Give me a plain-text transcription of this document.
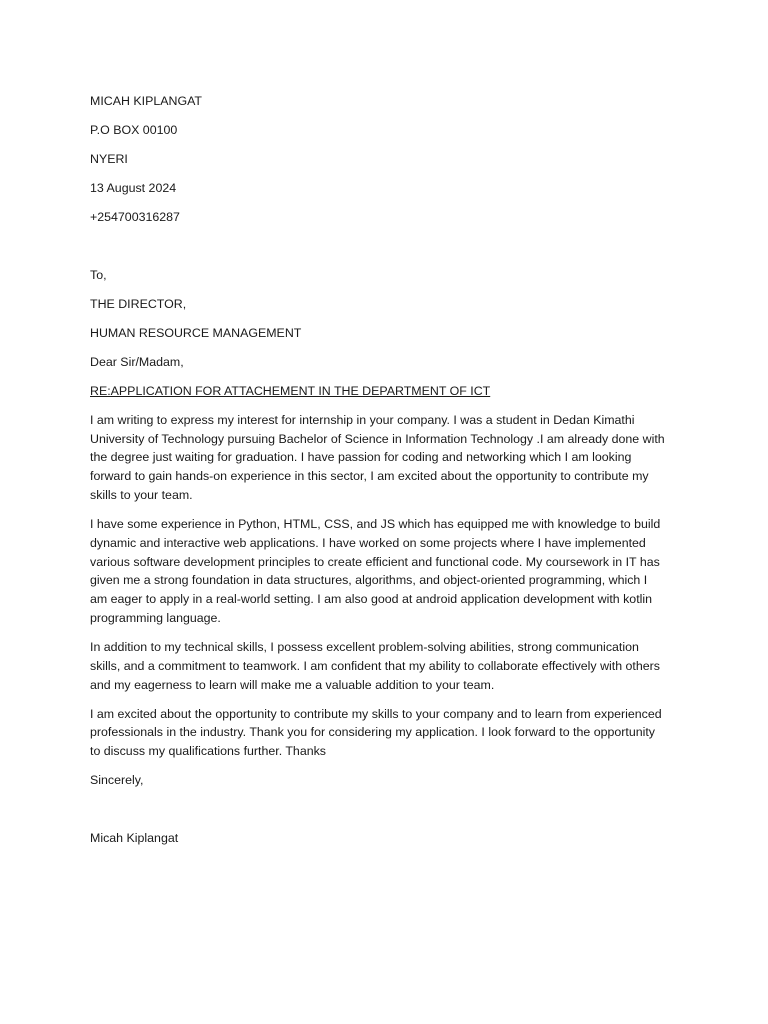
MICAH KIPLANGAT
P.O BOX 00100
NYERI
13 August 2024
+254700316287
To,
THE DIRECTOR,
HUMAN RESOURCE MANAGEMENT
Dear Sir/Madam,
RE:APPLICATION FOR ATTACHEMENT IN THE DEPARTMENT OF ICT

I am writing to express my interest for internship in your company. I was a student in Dedan Kimathi University of Technology pursuing Bachelor of Science in Information Technology .I am already done with the degree just waiting for graduation. I have passion for coding and networking which I am looking forward to gain hands-on experience in this sector, I am excited about the opportunity to contribute my skills to your team.

I have some experience in Python, HTML, CSS, and JS which has equipped me with knowledge to build dynamic and interactive web applications. I have worked on some projects where I have implemented various software development principles to create efficient and functional code. My coursework in IT has given me a strong foundation in data structures, algorithms, and object-oriented programming, which I am eager to apply in a real-world setting. I am also good at android application development with kotlin programming language.

In addition to my technical skills, I possess excellent problem-solving abilities, strong communication skills, and a commitment to teamwork. I am confident that my ability to collaborate effectively with others and my eagerness to learn will make me a valuable addition to your team.

I am excited about the opportunity to contribute my skills to your company and to learn from experienced professionals in the industry. Thank you for considering my application. I look forward to the opportunity to discuss my qualifications further. Thanks

Sincerely,
Micah Kiplangat
